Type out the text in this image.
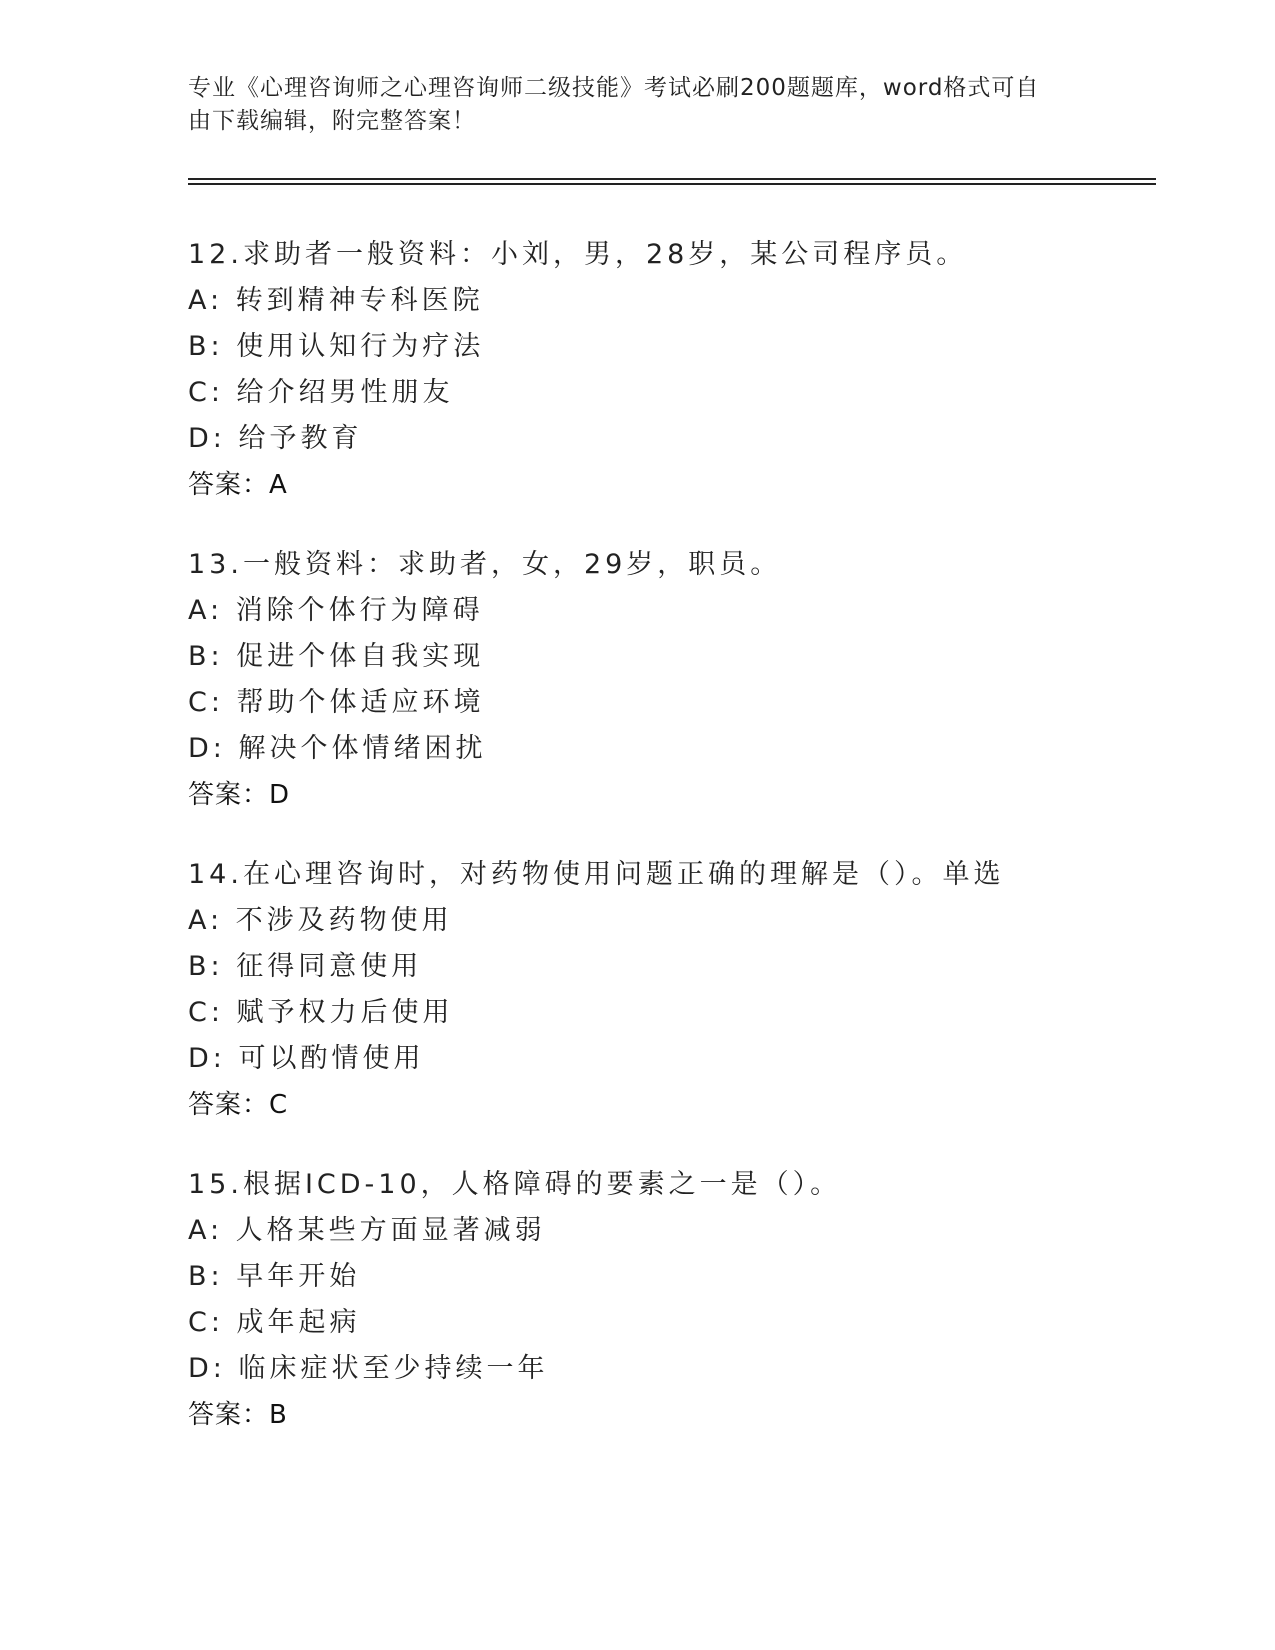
专业《心理咨询师之心理咨询师二级技能》考试必刷200题题库，word格式可自
由下载编辑，附完整答案！
12.求助者一般资料：小刘，男，28岁，某公司程序员。
A: 转到精神专科医院
B: 使用认知行为疗法
C: 给介绍男性朋友
D: 给予教育
答案：A
13.一般资料：求助者，女，29岁，职员。
A: 消除个体行为障碍
B: 促进个体自我实现
C: 帮助个体适应环境
D: 解决个体情绪困扰
答案：D
14.在心理咨询时，对药物使用问题正确的理解是（）。单选
A: 不涉及药物使用
B: 征得同意使用
C: 赋予权力后使用
D: 可以酌情使用
答案：C
15.根据ICD-10，人格障碍的要素之一是（）。
A: 人格某些方面显著减弱
B: 早年开始
C: 成年起病
D: 临床症状至少持续一年
答案：B
